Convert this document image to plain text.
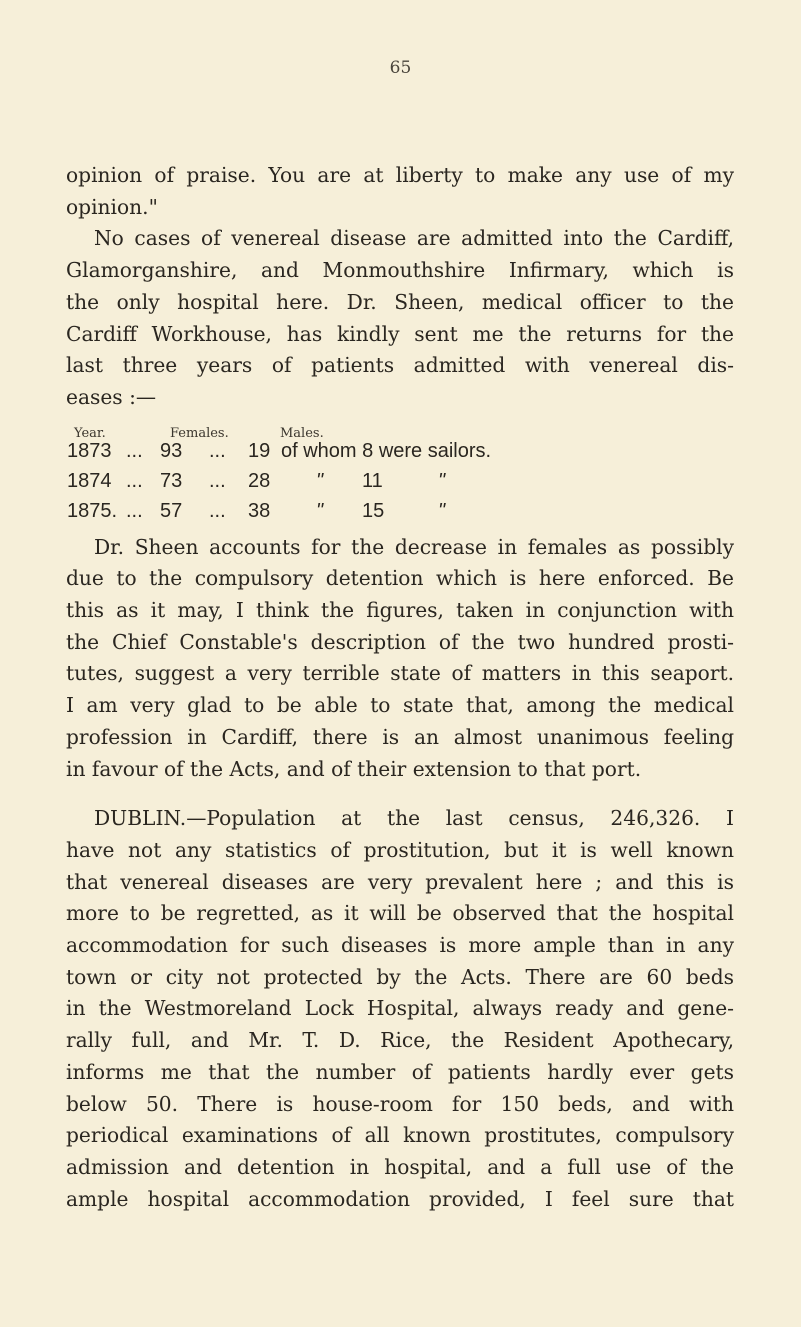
65
opinion of praise. You are at liberty to make any use of my
opinion."
No cases of venereal disease are admitted into the Cardiff,
Glamorganshire, and Monmouthshire Infirmary, which is
the only hospital here. Dr. Sheen, medical officer to the
Cardiff Workhouse, has kindly sent me the returns for the
last three years of patients admitted with venereal dis-
eases :—
Year.	Females.	Males.
1873 ... 93 ... 19 of whom 8 were sailors.
1874 ... 73 ... 28 " 11	"
1875. ... 57 ... 38 " 15	"
Dr. Sheen accounts for the decrease in females as possibly
due to the compulsory detention which is here enforced. Be
this as it may, I think the figures, taken in conjunction with
the Chief Constable's description of the two hundred prosti-
tutes, suggest a very terrible state of matters in this seaport.
I am very glad to be able to state that, among the medical
profession in Cardiff, there is an almost unanimous feeling
in favour of the Acts, and of their extension to that port.
DUBLIN.—Population at the last census, 246,326. I
have not any statistics of prostitution, but it is well known
that venereal diseases are very prevalent here ; and this is
more to be regretted, as it will be observed that the hospital
accommodation for such diseases is more ample than in any
town or city not protected by the Acts. There are 60 beds
in the Westmoreland Lock Hospital, always ready and gene-
rally full, and Mr. T. D. Rice, the Resident Apothecary,
informs me that the number of patients hardly ever gets
below 50. There is house-room for 150 beds, and with
periodical examinations of all known prostitutes, compulsory
admission and detention in hospital, and a full use of the
ample hospital accommodation provided, I feel sure that
